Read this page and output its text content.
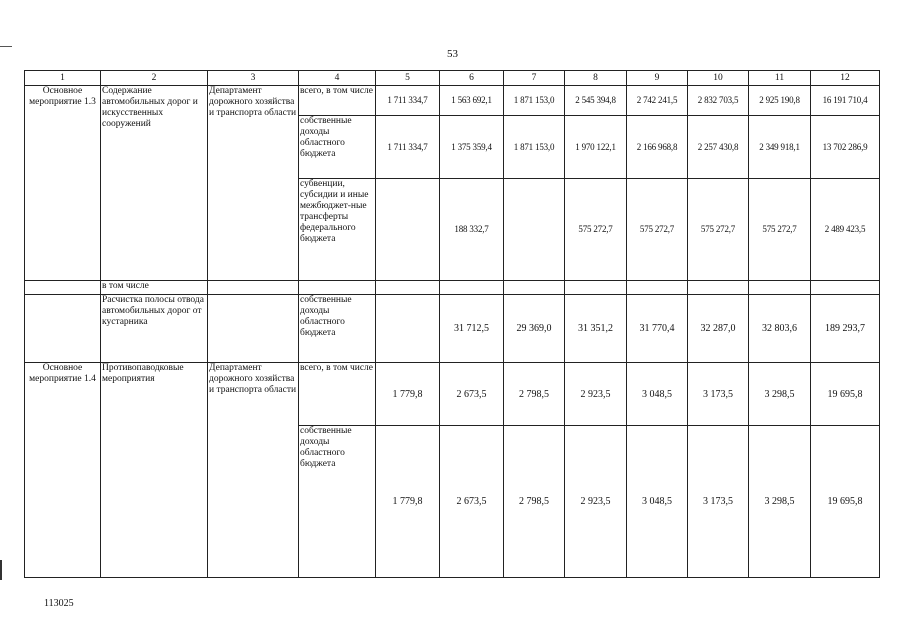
53
1	2	3	4	5	6	7	8	9	10	11	12
Основное мероприятие 1.3	Содержание автомобильных дорог и искусственных сооружений	Департамент дорожного хозяйства и транспорта области	всего, в том числе	1 711 334,7	1 563 692,1	1 871 153,0	2 545 394,8	2 742 241,5	2 832 703,5	2 925 190,8	16 191 710,4
			собственные доходы областного бюджета	1 711 334,7	1 375 359,4	1 871 153,0	1 970 122,1	2 166 968,8	2 257 430,8	2 349 918,1	13 702 286,9
			субвенции, субсидии и иные межбюджет-ные трансферты федерального бюджета		188 332,7		575 272,7	575 272,7	575 272,7	575 272,7	2 489 423,5
	в том числе										
	Расчистка полосы отвода автомобильных дорог от кустарника		собственные доходы областного бюджета		31 712,5	29 369,0	31 351,2	31 770,4	32 287,0	32 803,6	189 293,7
Основное мероприятие 1.4	Противопаводковые мероприятия	Департамент дорожного хозяйства и транспорта области	всего, в том числе	1 779,8	2 673,5	2 798,5	2 923,5	3 048,5	3 173,5	3 298,5	19 695,8
			собственные доходы областного бюджета	1 779,8	2 673,5	2 798,5	2 923,5	3 048,5	3 173,5	3 298,5	19 695,8
113025
